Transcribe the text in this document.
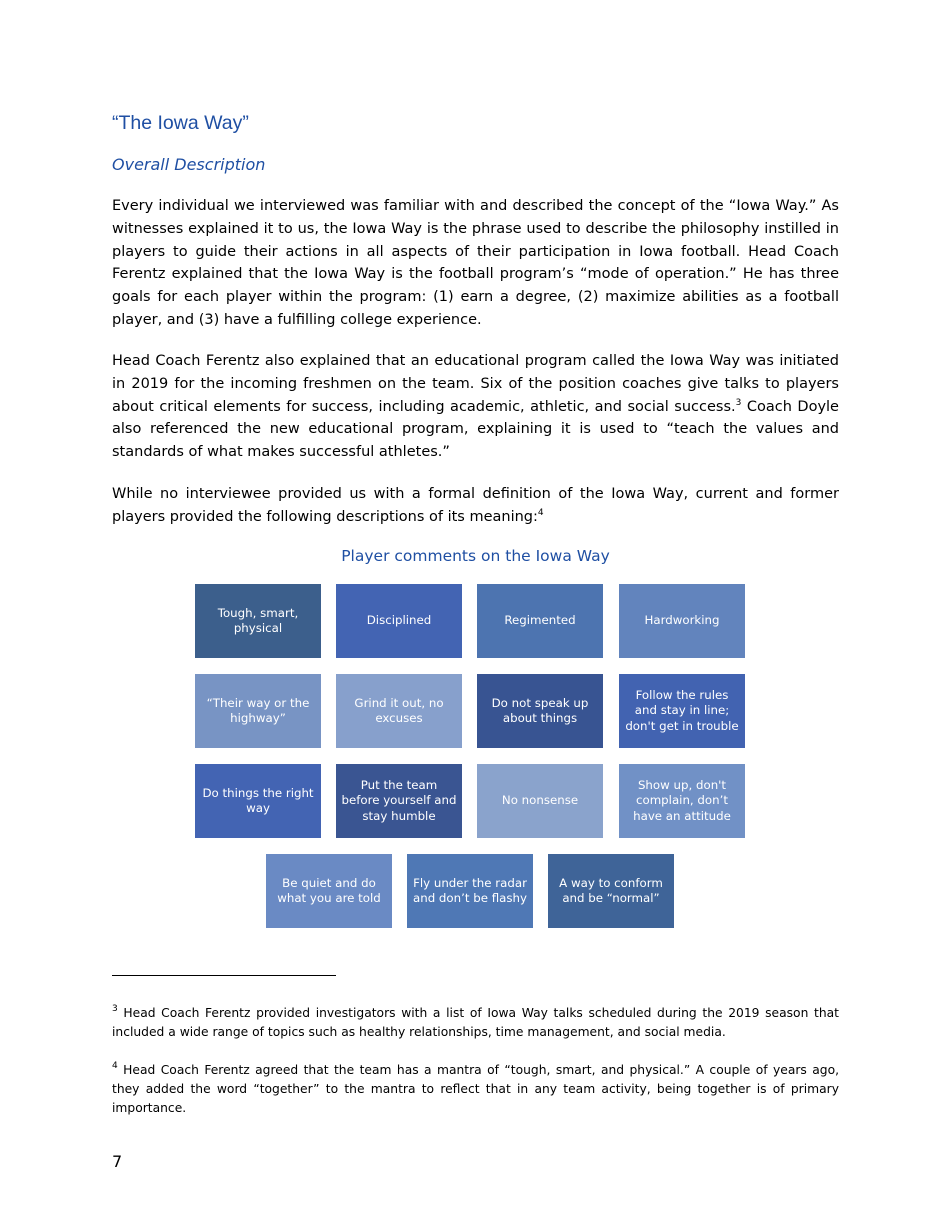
“The Iowa Way”
Overall Description

Every individual we interviewed was familiar with and described the concept of the “Iowa Way.” As witnesses explained it to us, the Iowa Way is the phrase used to describe the philosophy instilled in players to guide their actions in all aspects of their participation in Iowa football. Head Coach Ferentz explained that the Iowa Way is the football program’s “mode of operation.” He has three goals for each player within the program: (1) earn a degree, (2) maximize abilities as a football player, and (3) have a fulfilling college experience.

Head Coach Ferentz also explained that an educational program called the Iowa Way was initiated in 2019 for the incoming freshmen on the team. Six of the position coaches give talks to players about critical elements for success, including academic, athletic, and social success.$^3$ Coach Doyle also referenced the new educational program, explaining it is used to “teach the values and standards of what makes successful athletes.”

While no interviewee provided us with a formal definition of the Iowa Way, current and former players provided the following descriptions of its meaning:$^4$

Player comments on the Iowa Way
Tough, smart, physical
Disciplined	Regimented	Hardworking
“Their way or the highway”
Grind it out, no excuses
Do not speak up about things
Follow the rules and stay in line; don't get in trouble
Do things the right way
Put the team before yourself and stay humble
No nonsense
Show up, don't complain, don’t have an attitude
Be quiet and do what you are told
Fly under the radar and don’t be flashy
A way to conform and be “normal”

$^3$ Head Coach Ferentz provided investigators with a list of Iowa Way talks scheduled during the 2019 season that included a wide range of topics such as healthy relationships, time management, and social media.

$^4$ Head Coach Ferentz agreed that the team has a mantra of “tough, smart, and physical.” A couple of years ago, they added the word “together” to the mantra to reflect that in any team activity, being together is of primary importance.

7
